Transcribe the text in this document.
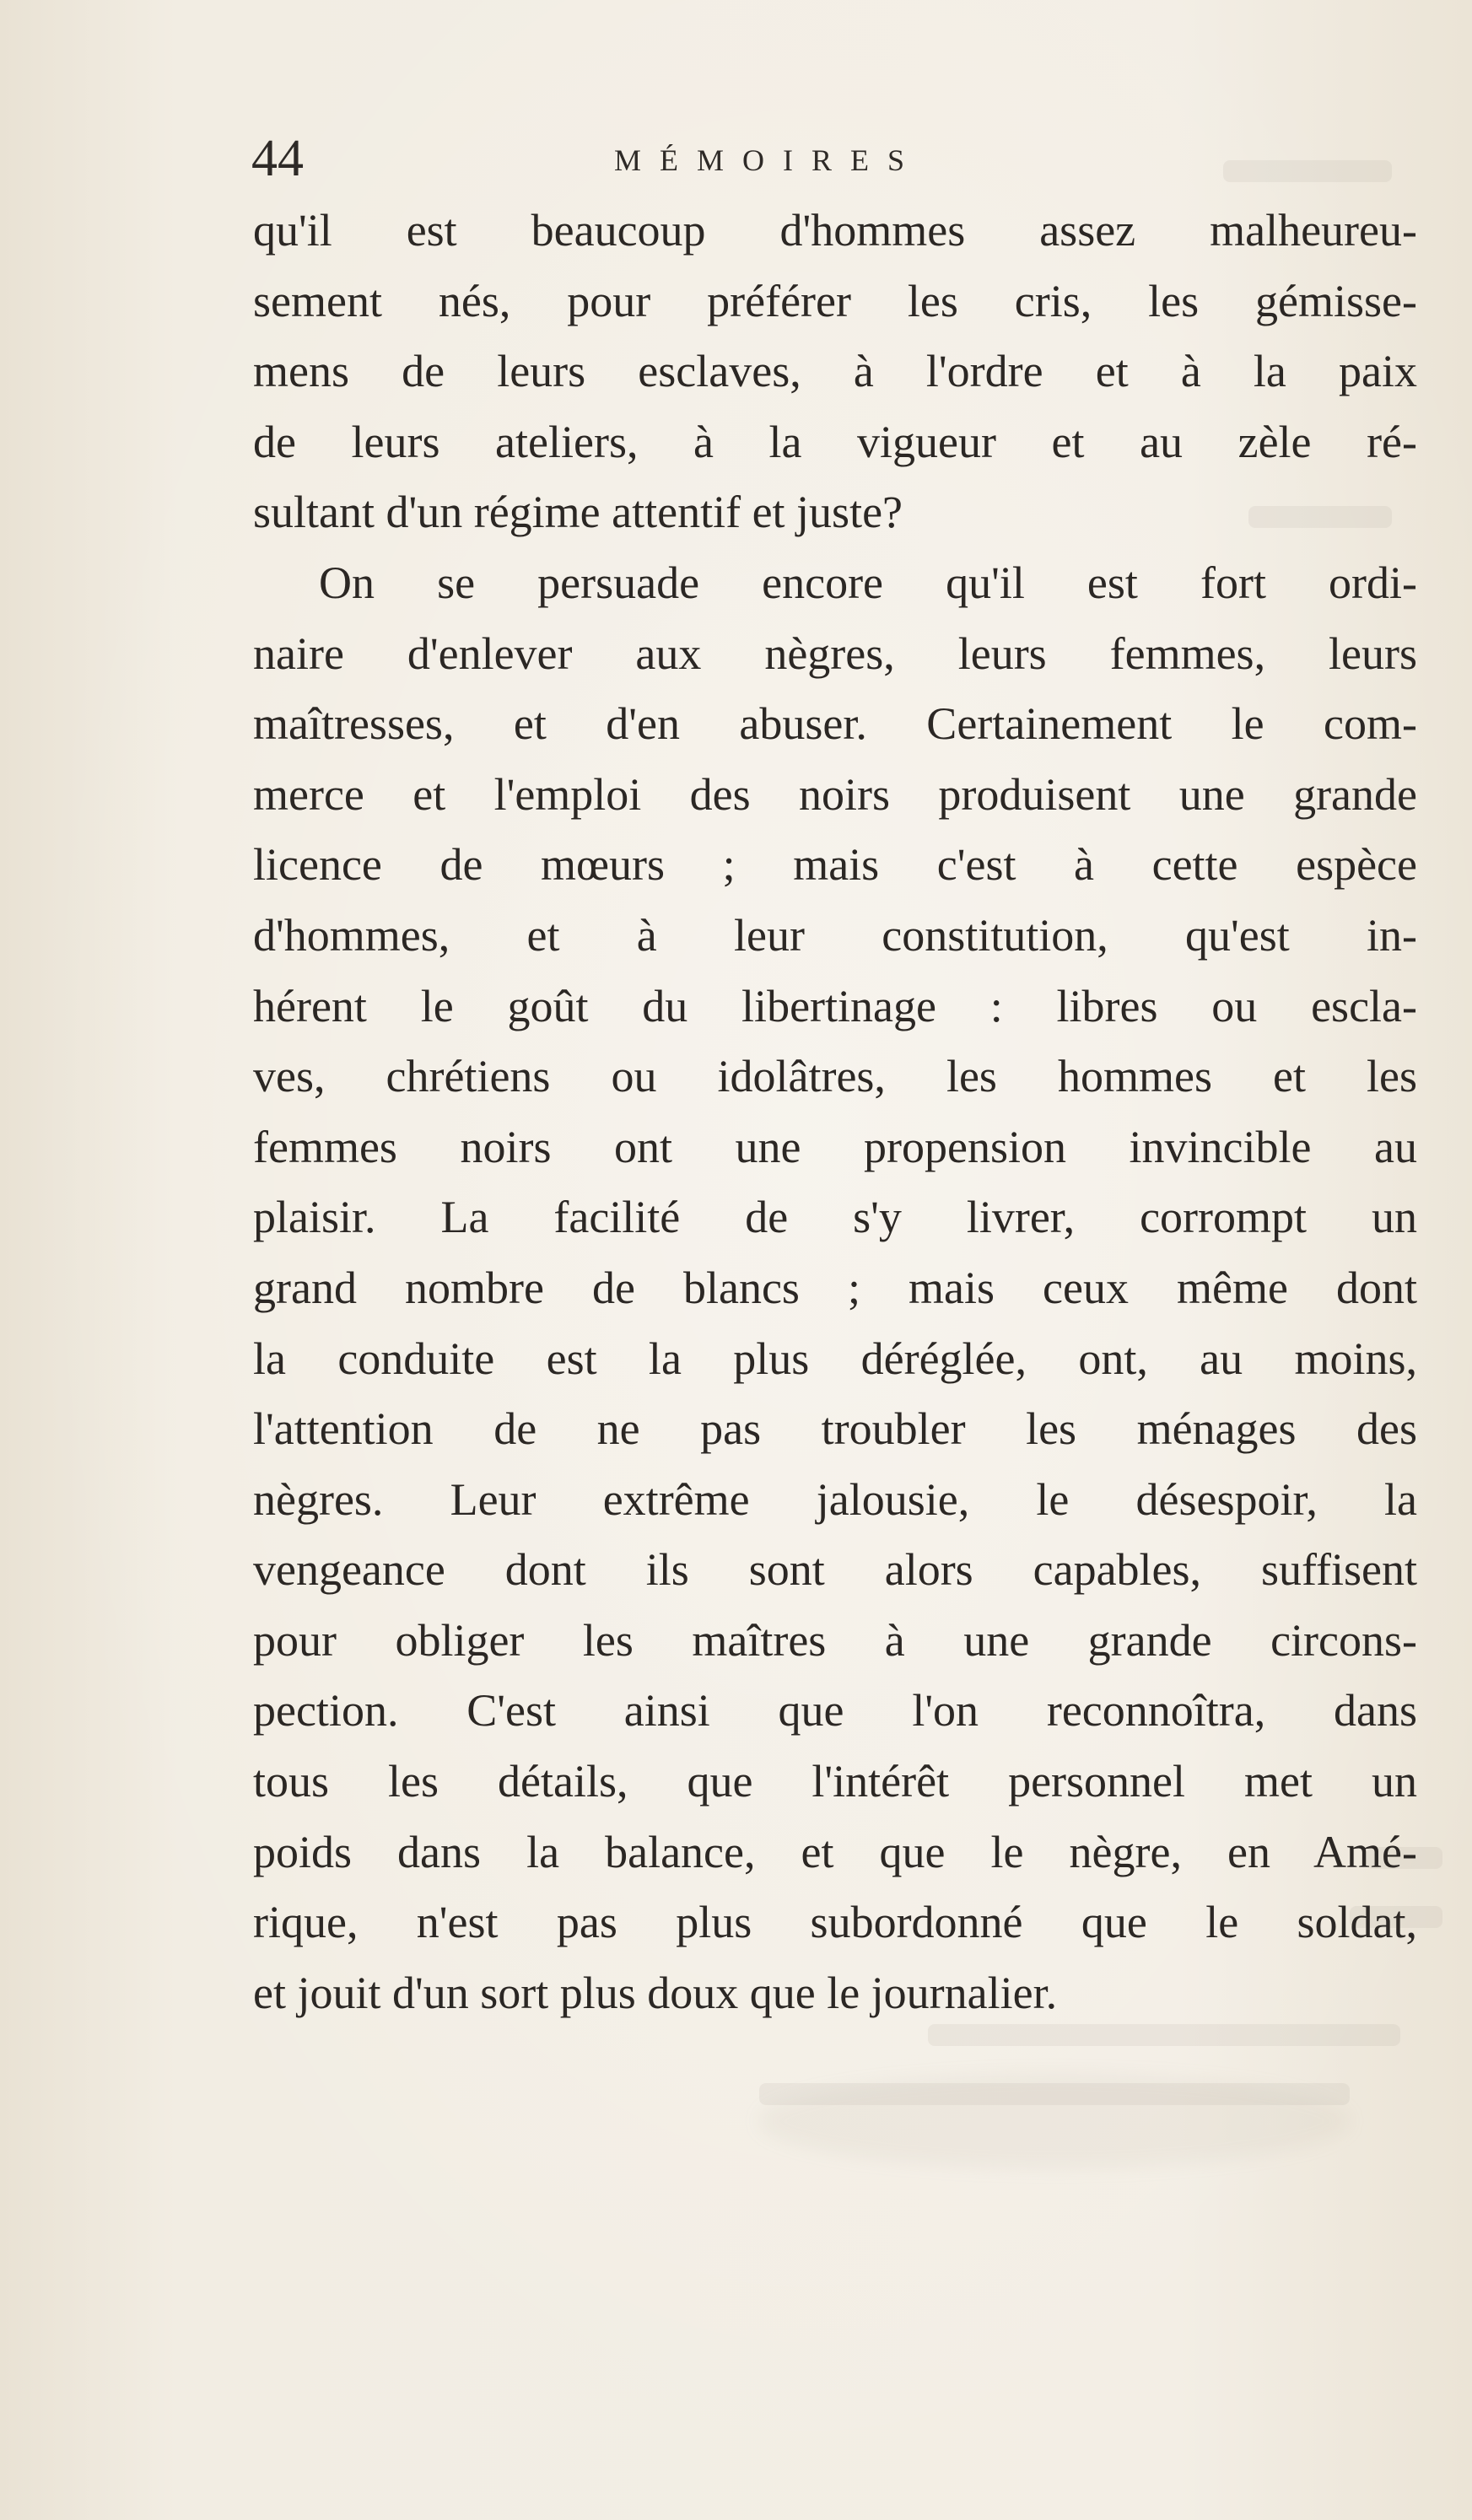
44	MÉMOIRES
qu'il est beaucoup d'hommes assez malheureu-
sement nés, pour préférer les cris, les gémisse-
mens de leurs esclaves, à l'ordre et à la paix
de leurs ateliers, à la vigueur et au zèle ré-
sultant d'un régime attentif et juste?
On se persuade encore qu'il est fort ordi-
naire d'enlever aux nègres, leurs femmes, leurs
maîtresses, et d'en abuser. Certainement le com-
merce et l'emploi des noirs produisent une grande
licence de mœurs ; mais c'est à cette espèce
d'hommes, et à leur constitution, qu'est in-
hérent le goût du libertinage : libres ou escla-
ves, chrétiens ou idolâtres, les hommes et les
femmes noirs ont une propension invincible au
plaisir. La facilité de s'y livrer, corrompt un
grand nombre de blancs ; mais ceux même dont
la conduite est la plus déréglée, ont, au moins,
l'attention de ne pas troubler les ménages des
nègres. Leur extrême jalousie, le désespoir, la
vengeance dont ils sont alors capables, suffisent
pour obliger les maîtres à une grande circons-
pection. C'est ainsi que l'on reconnoîtra, dans
tous les détails, que l'intérêt personnel met un
poids dans la balance, et que le nègre, en Amé-
rique, n'est pas plus subordonné que le soldat,
et jouit d'un sort plus doux que le journalier.
